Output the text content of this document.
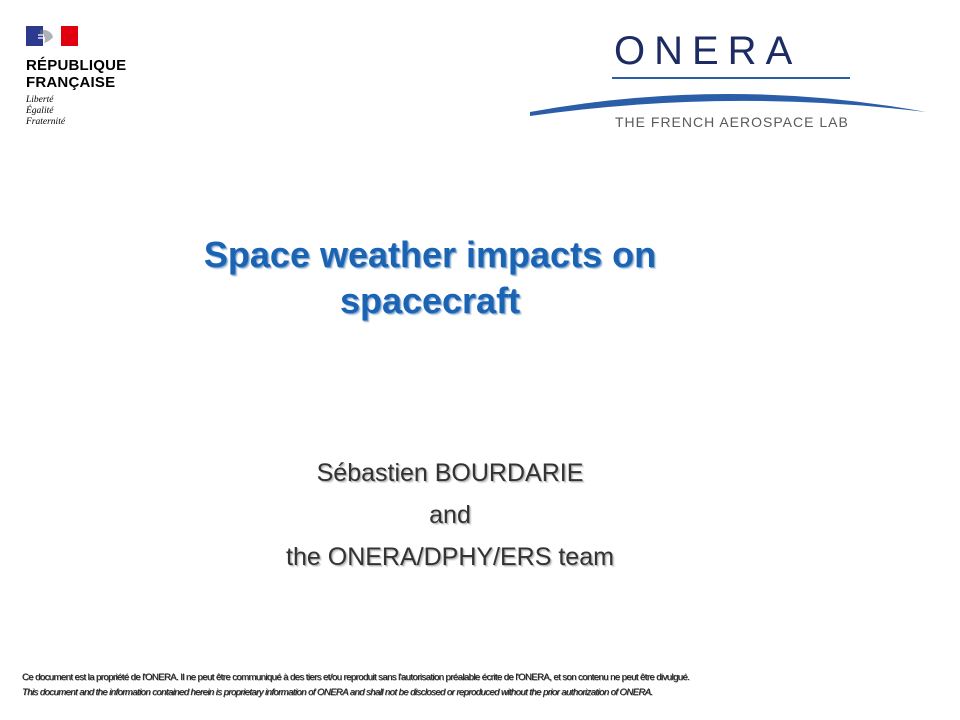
RÉPUBLIQUE
FRANÇAISE
Liberté
Égalité
Fraternité
ONERA
THE FRENCH AEROSPACE LAB
Space weather impacts on
spacecraft
Sébastien BOURDARIE
and
the ONERA/DPHY/ERS team
Ce document est la propriété de l'ONERA. Il ne peut être communiqué à des tiers et/ou reproduit sans l'autorisation préalable écrite de l'ONERA, et son contenu ne peut être divulgué.
This document and the information contained herein is proprietary information of ONERA and shall not be disclosed or reproduced without the prior authorization of ONERA.
